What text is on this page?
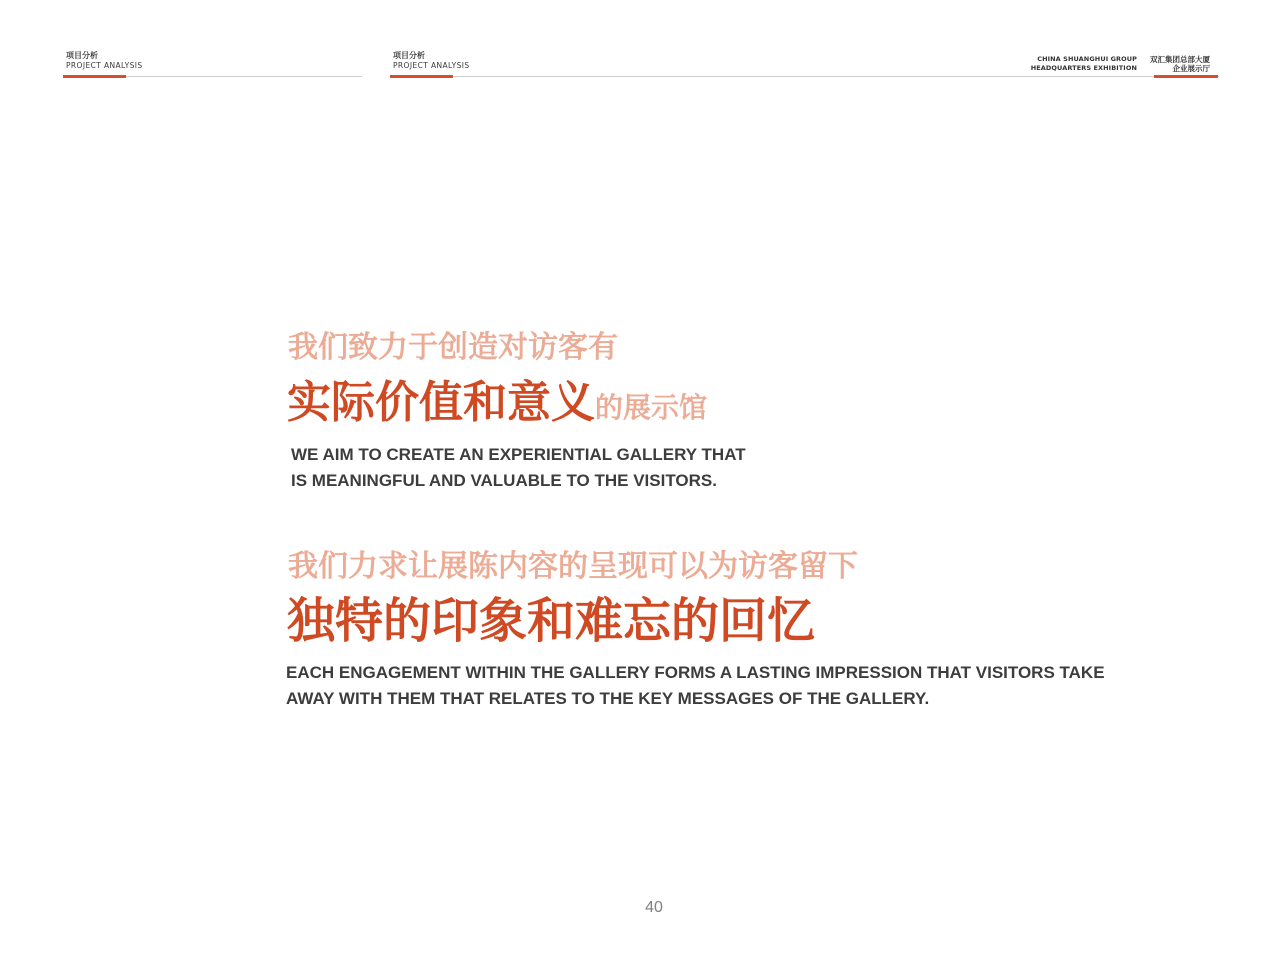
项目分析
PROJECT ANALYSIS
项目分析
PROJECT ANALYSIS
CHINA SHUANGHUI GROUP
HEADQUARTERS EXHIBITION
双汇集团总部大厦
企业展示厅
我们致力于创造对访客有
实际价值和意义的展示馆
WE AIM TO CREATE AN EXPERIENTIAL GALLERY THAT
IS MEANINGFUL AND VALUABLE TO THE VISITORS.
我们力求让展陈内容的呈现可以为访客留下
独特的印象和难忘的回忆
EACH ENGAGEMENT WITHIN THE GALLERY FORMS A LASTING IMPRESSION THAT VISITORS TAKE
AWAY WITH THEM THAT RELATES TO THE KEY MESSAGES OF THE GALLERY.
40
